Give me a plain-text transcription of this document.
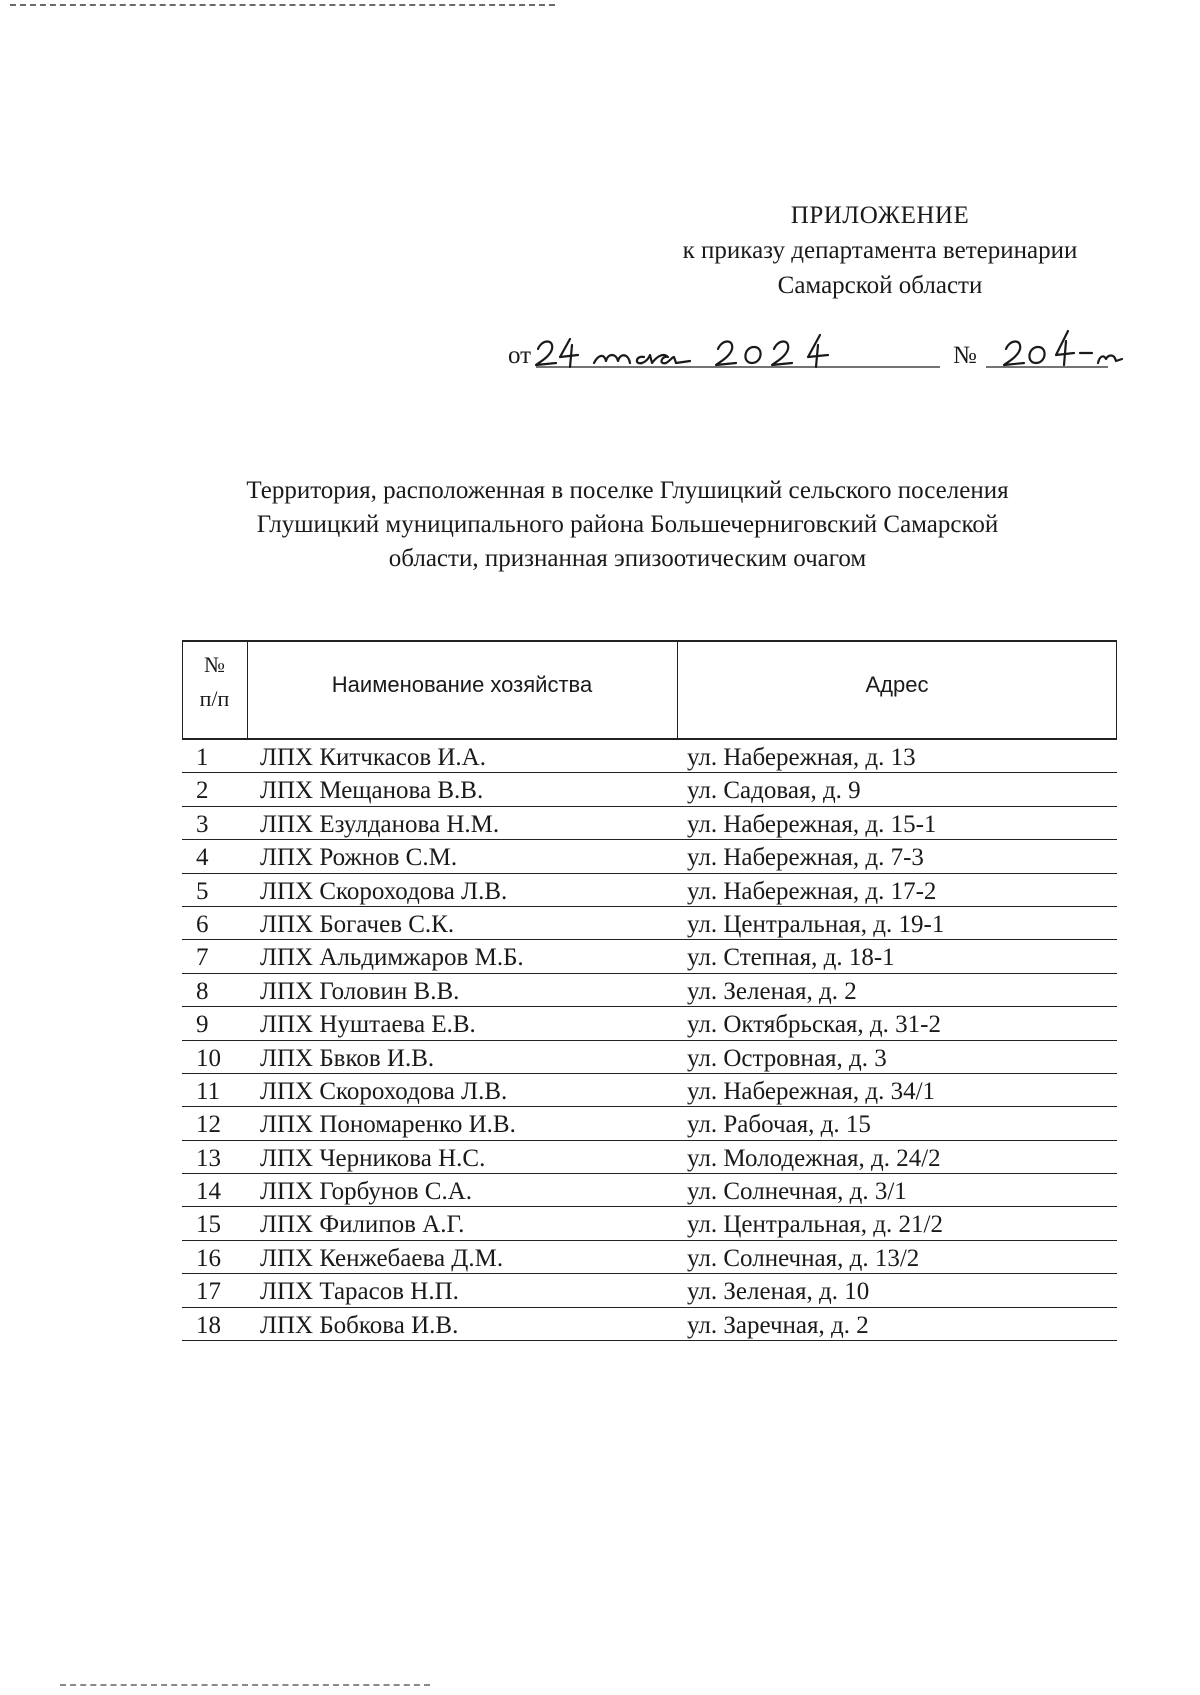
ПРИЛОЖЕНИЕ
к приказу департамента ветеринарии
Самарской области
от	№
Территория, расположенная в поселке Глушицкий сельского поселения
Глушицкий муниципального района Большечерниговский Самарской
области, признанная эпизоотическим очагом
№
п/п
Наименование хозяйства	Адрес
1 ЛПХ Китчкасов И.А.	ул. Набережная, д. 13
2 ЛПХ Мещанова В.В.	ул. Садовая, д. 9
3 ЛПХ Езулданова Н.М.	ул. Набережная, д. 15-1
4 ЛПХ Рожнов С.М.	ул. Набережная, д. 7-3
5 ЛПХ Скороходова Л.В.	ул. Набережная, д. 17-2
6 ЛПХ Богачев С.К.	ул. Центральная, д. 19-1
7 ЛПХ Альдимжаров М.Б.	ул. Степная, д. 18-1
8 ЛПХ Головин В.В.	ул. Зеленая, д. 2
9 ЛПХ Нуштаева Е.В.	ул. Октябрьская, д. 31-2
10 ЛПХ Бвков И.В.	ул. Островная, д. 3
11 ЛПХ Скороходова Л.В.	ул. Набережная, д. 34/1
12 ЛПХ Пономаренко И.В.	ул. Рабочая, д. 15
13 ЛПХ Черникова Н.С.	ул. Молодежная, д. 24/2
14 ЛПХ Горбунов С.А.	ул. Солнечная, д. 3/1
15 ЛПХ Филипов А.Г.	ул. Центральная, д. 21/2
16 ЛПХ Кенжебаева Д.М.	ул. Солнечная, д. 13/2
17 ЛПХ Тарасов Н.П.	ул. Зеленая, д. 10
18 ЛПХ Бобкова И.В.	ул. Заречная, д. 2
